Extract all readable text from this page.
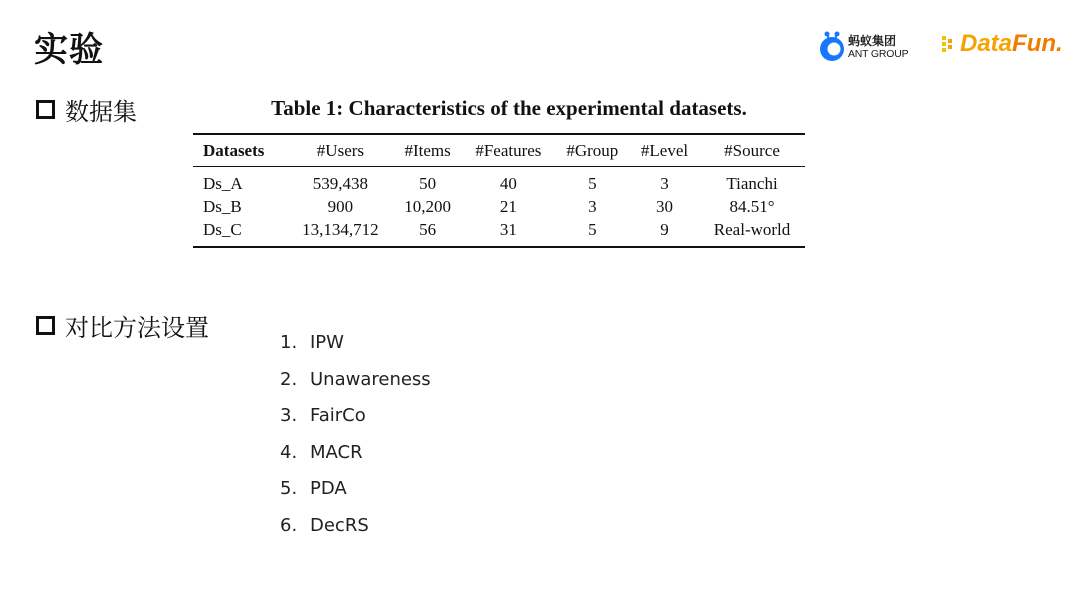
实验	蚂蚁集团
ANT GROUP DataFun.
数据集	Table 1: Characteristics of the experimental datasets.
Datasets	#Users	#Items	#Features	#Group	#Level	#Source
Ds_A	539,438	50	40	5	3	Tianchi
Ds_B	900	10,200	21	3	30	84.51°
Ds_C	13,134,712	56	31	5	9	Real-world
对比方法设置
1. IPW
2. Unawareness
3. FairCo
4. MACR
5. PDA
6. DecRS
